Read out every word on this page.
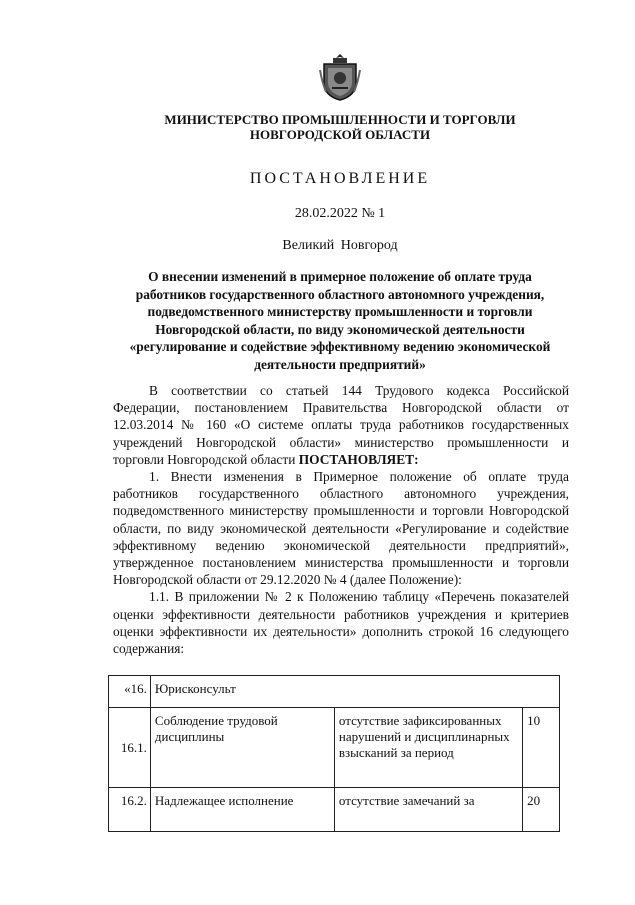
МИНИСТЕРСТВО ПРОМЫШЛЕННОСТИ И ТОРГОВЛИ
НОВГОРОДСКОЙ ОБЛАСТИ
ПОСТАНОВЛЕНИЕ
28.02.2022 № 1
Великий Новгород
О внесении изменений в примерное положение об оплате труда работников государственного областного автономного учреждения, подведомственного министерству промышленности и торговли Новгородской области, по виду экономической деятельности «регулирование и содействие эффективному ведению экономической деятельности предприятий»

В соответствии со статьей 144 Трудового кодекса Российской Федерации, постановлением Правительства Новгородской области от 12.03.2014 № 160 «О системе оплаты труда работников государственных учреждений Новгородской области» министерство промышленности и торговли Новгородской области ПОСТАНОВЛЯЕТ:

1. Внести изменения в Примерное положение об оплате труда работников государственного областного автономного учреждения, подведомственного министерству промышленности и торговли Новгородской области, по виду экономической деятельности «Регулирование и содействие эффективному ведению экономической деятельности предприятий», утвержденное постановлением министерства промышленности и торговли Новгородской области от 29.12.2020 № 4 (далее Положение):

1.1. В приложении № 2 к Положению таблицу «Перечень показателей оценки эффективности деятельности работников учреждения и критериев оценки эффективности их деятельности» дополнить строкой 16 следующего содержания:

«16.	Юрисконсульт		
16.1.	Соблюдение трудовой дисциплины	отсутствие зафиксированных нарушений и дисциплинарных взысканий за период	10
16.2.	Надлежащее исполнение	отсутствие замечаний за	20
